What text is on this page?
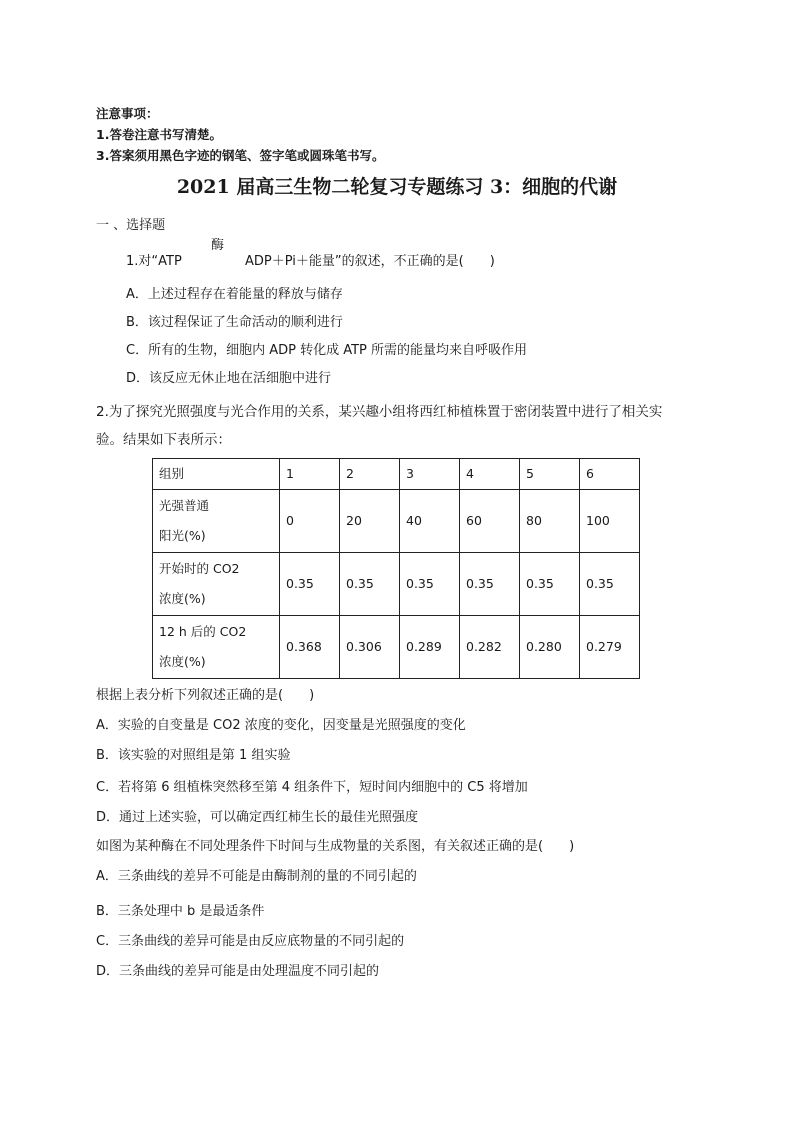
注意事项：
1.答卷注意书写清楚。
3.答案须用黑色字迹的钢笔、签字笔或圆珠笔书写。
2021 届高三生物二轮复习专题练习 3：细胞的代谢
一 、选择题
酶
1.对“ATP	ADP＋Pi＋能量”的叙述，不正确的是(　　)
A．上述过程存在着能量的释放与储存
B．该过程保证了生命活动的顺利进行
C．所有的生物，细胞内 ADP 转化成 ATP 所需的能量均来自呼吸作用
D．该反应无休止地在活细胞中进行
2.为了探究光照强度与光合作用的关系，某兴趣小组将西红柿植株置于密闭装置中进行了相关实
验。结果如下表所示：
组别	1	2	3	4	5	6

光强普通
阳光(%)	0	20	40	60	80	100

开始时的 CO2
浓度(%)	0.35	0.35	0.35	0.35	0.35	0.35

12 h 后的 CO2
浓度(%)	0.368	0.306	0.289	0.282	0.280	0.279
根据上表分析下列叙述正确的是(　　)
A．实验的自变量是 CO2 浓度的变化，因变量是光照强度的变化
B．该实验的对照组是第 1 组实验
C．若将第 6 组植株突然移至第 4 组条件下，短时间内细胞中的 C5 将增加
D．通过上述实验，可以确定西红柿生长的最佳光照强度
如图为某种酶在不同处理条件下时间与生成物量的关系图，有关叙述正确的是(　　)
A．三条曲线的差异不可能是由酶制剂的量的不同引起的
B．三条处理中 b 是最适条件
C．三条曲线的差异可能是由反应底物量的不同引起的
D．三条曲线的差异可能是由处理温度不同引起的
